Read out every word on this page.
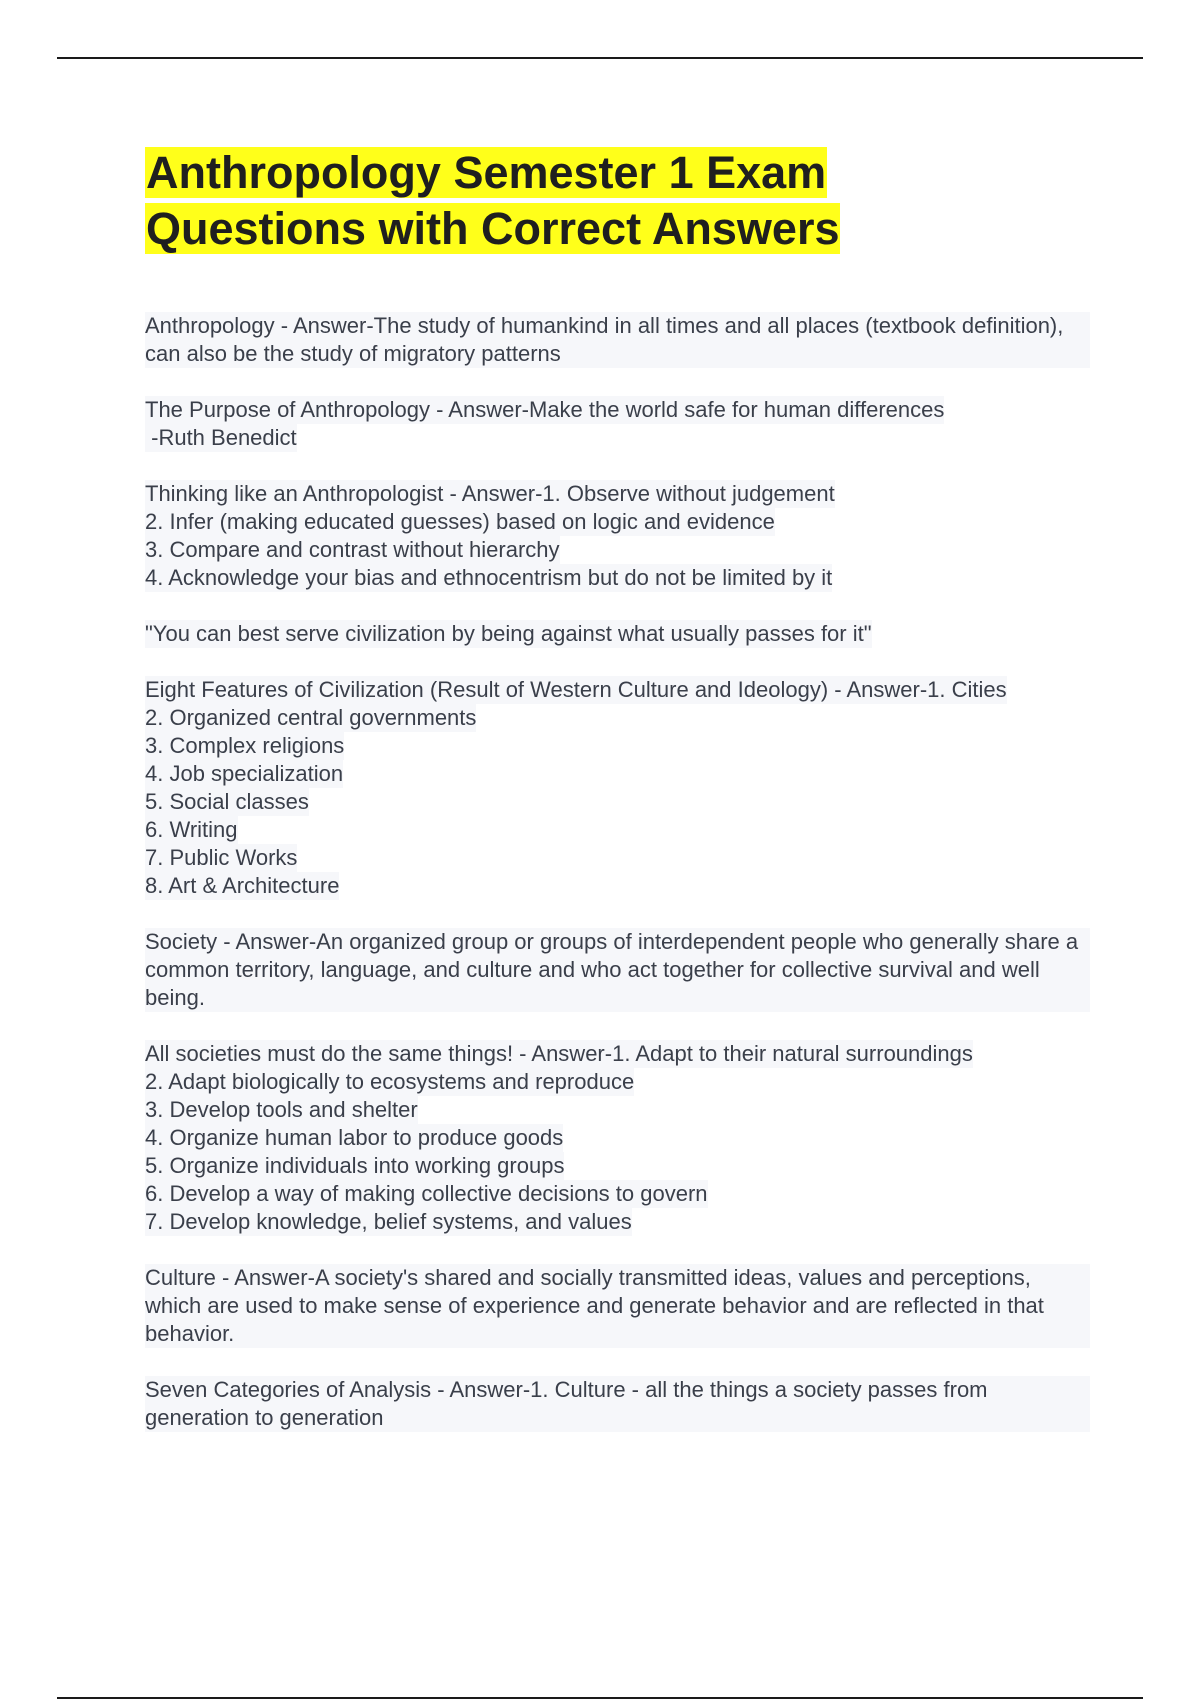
Anthropology Semester 1 Exam
Questions with Correct Answers
Anthropology - Answer-The study of humankind in all times and all places (textbook definition), can also be the study of migratory patterns
The Purpose of Anthropology - Answer-Make the world safe for human differences
-Ruth Benedict
Thinking like an Anthropologist - Answer-1. Observe without judgement
2. Infer (making educated guesses) based on logic and evidence
3. Compare and contrast without hierarchy
4. Acknowledge your bias and ethnocentrism but do not be limited by it
"You can best serve civilization by being against what usually passes for it"
Eight Features of Civilization (Result of Western Culture and Ideology) - Answer-1. Cities
2. Organized central governments
3. Complex religions
4. Job specialization
5. Social classes
6. Writing
7. Public Works
8. Art & Architecture
Society - Answer-An organized group or groups of interdependent people who generally share a common territory, language, and culture and who act together for collective survival and well being.
All societies must do the same things! - Answer-1. Adapt to their natural surroundings
2. Adapt biologically to ecosystems and reproduce
3. Develop tools and shelter
4. Organize human labor to produce goods
5. Organize individuals into working groups
6. Develop a way of making collective decisions to govern
7. Develop knowledge, belief systems, and values
Culture - Answer-A society's shared and socially transmitted ideas, values and perceptions, which are used to make sense of experience and generate behavior and are reflected in that behavior.
Seven Categories of Analysis - Answer-1. Culture - all the things a society passes from generation to generation
